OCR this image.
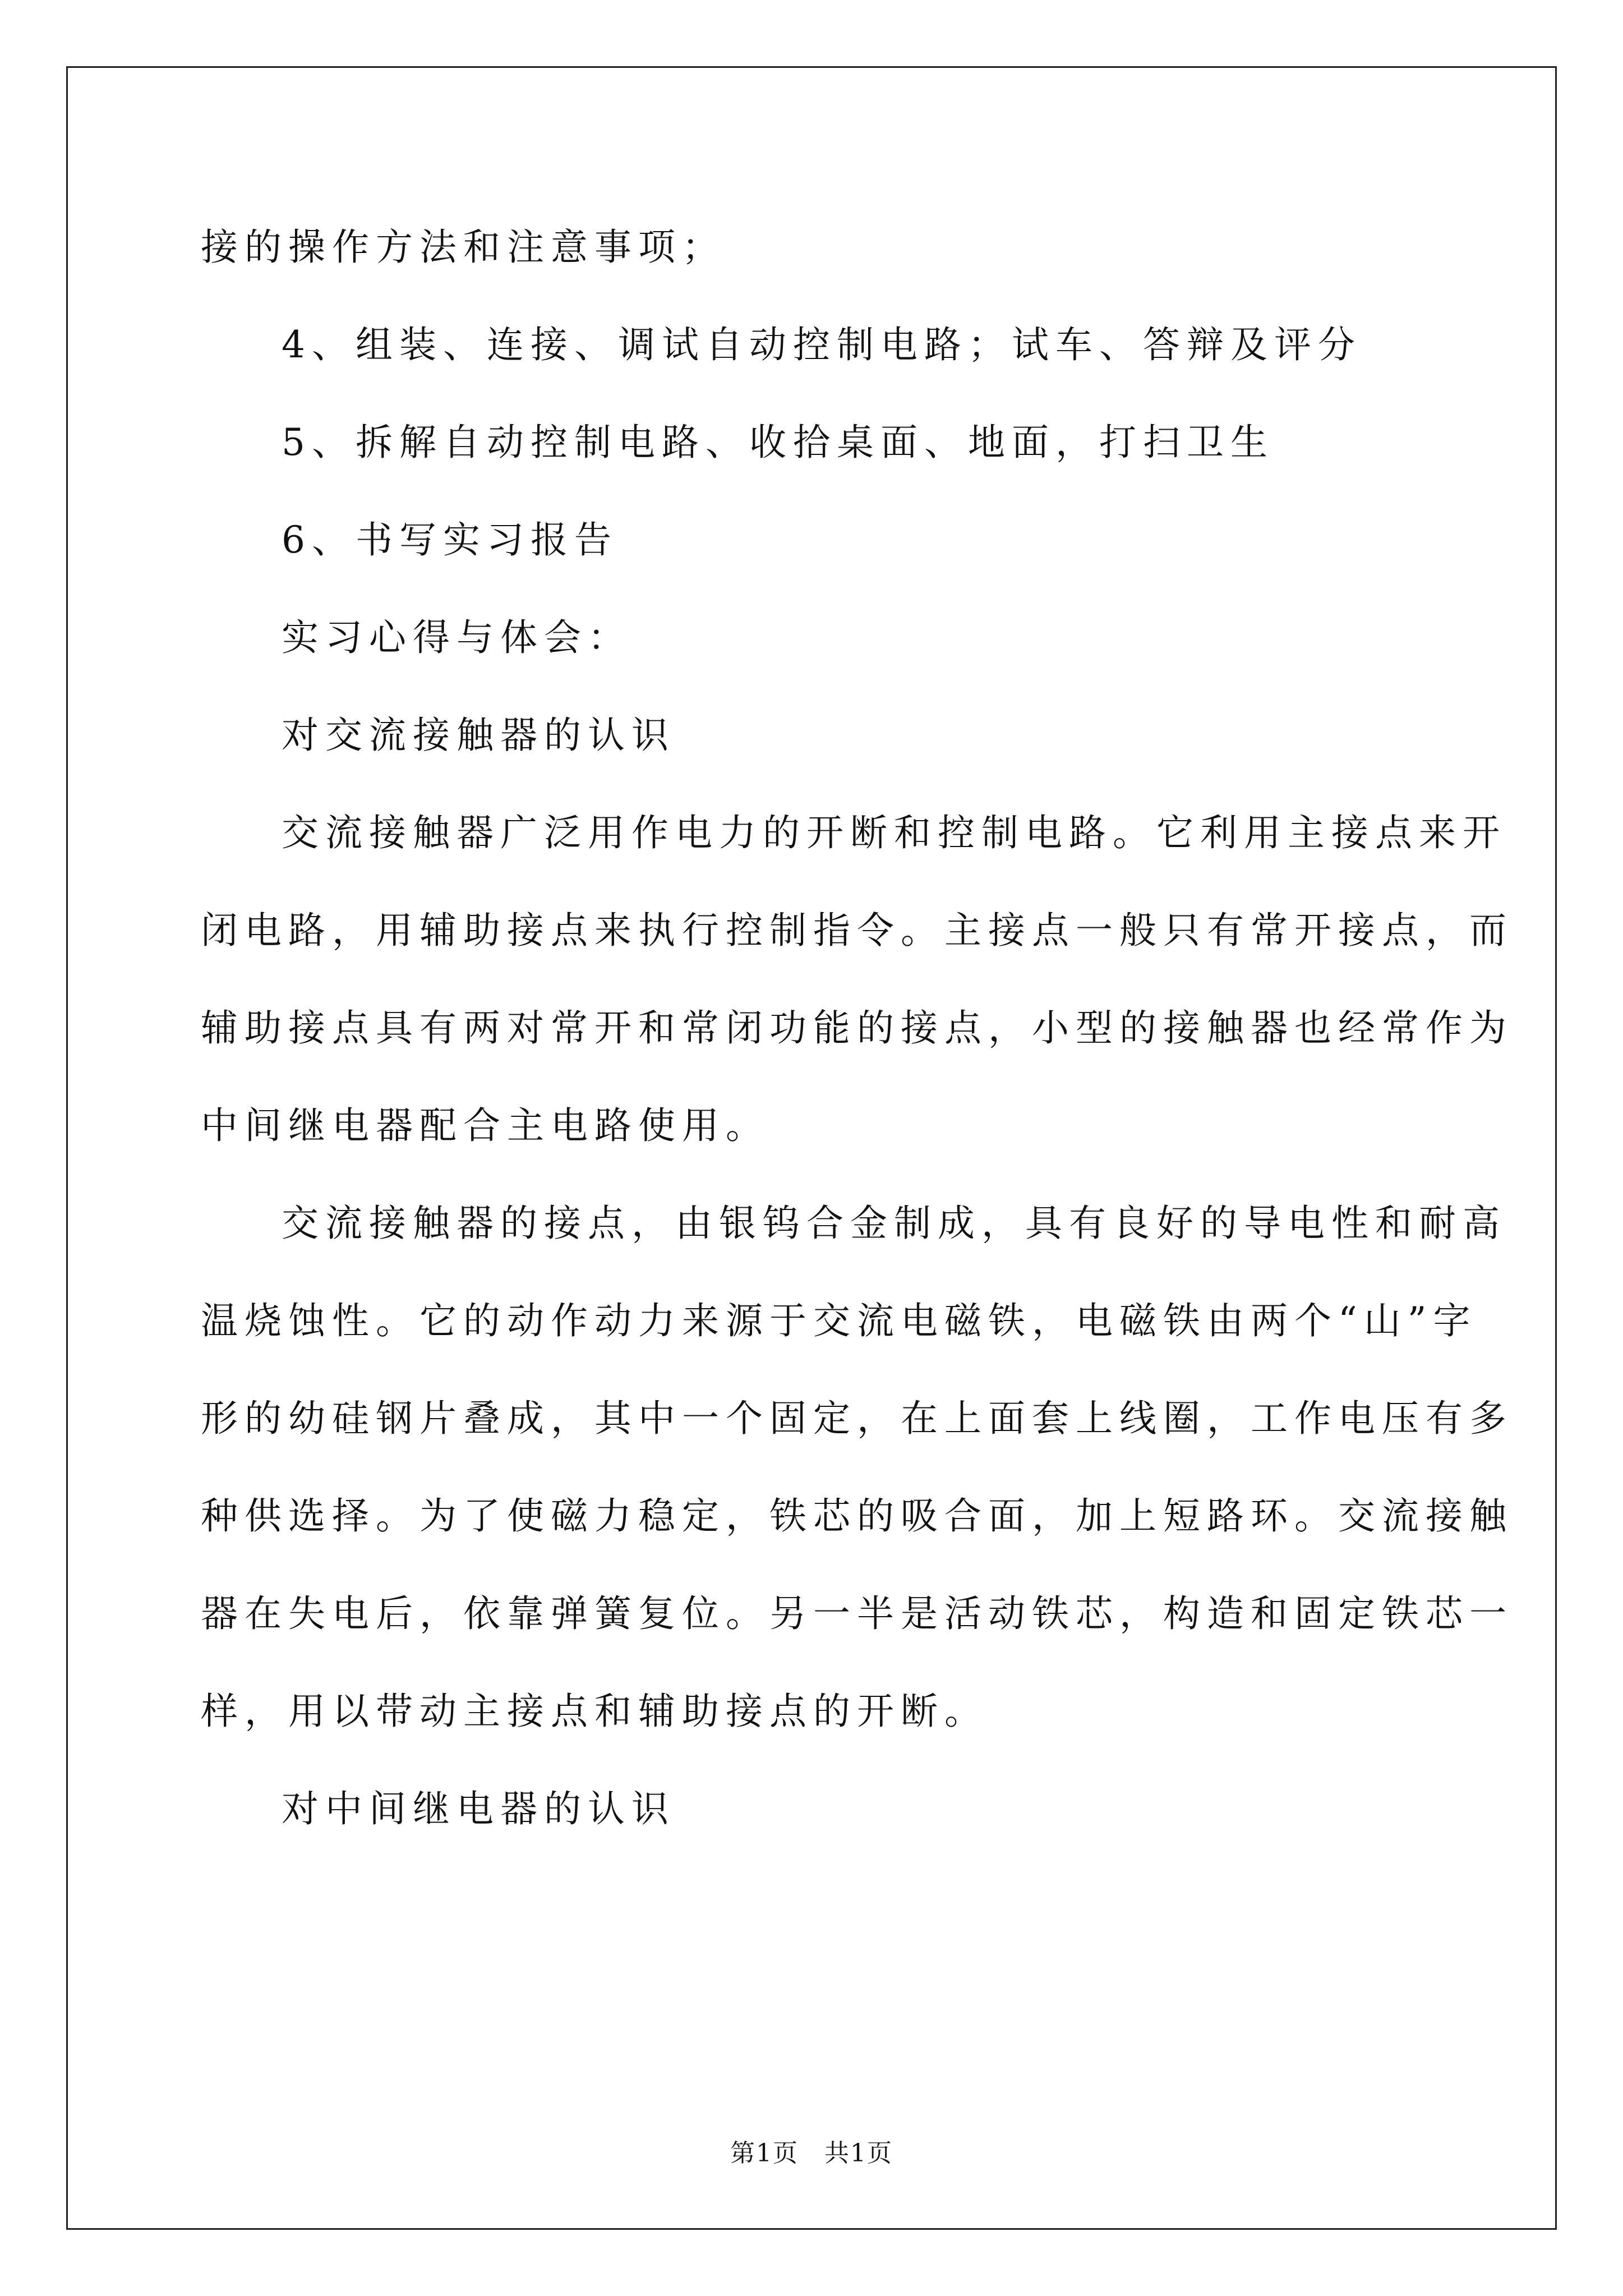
接的操作方法和注意事项；
4、组装、连接、调试自动控制电路；试车、答辩及评分
5、拆解自动控制电路、收拾桌面、地面，打扫卫生
6、书写实习报告
实习心得与体会：
对交流接触器的认识
交流接触器广泛用作电力的开断和控制电路。它利用主接点来开
闭电路，用辅助接点来执行控制指令。主接点一般只有常开接点，而
辅助接点具有两对常开和常闭功能的接点，小型的接触器也经常作为
中间继电器配合主电路使用。
交流接触器的接点，由银钨合金制成，具有良好的导电性和耐高
温烧蚀性。它的动作动力来源于交流电磁铁，电磁铁由两个“山”字
形的幼硅钢片叠成，其中一个固定，在上面套上线圈，工作电压有多
种供选择。为了使磁力稳定，铁芯的吸合面，加上短路环。交流接触
器在失电后，依靠弹簧复位。另一半是活动铁芯，构造和固定铁芯一
样，用以带动主接点和辅助接点的开断。
对中间继电器的认识
第1页　共1页
